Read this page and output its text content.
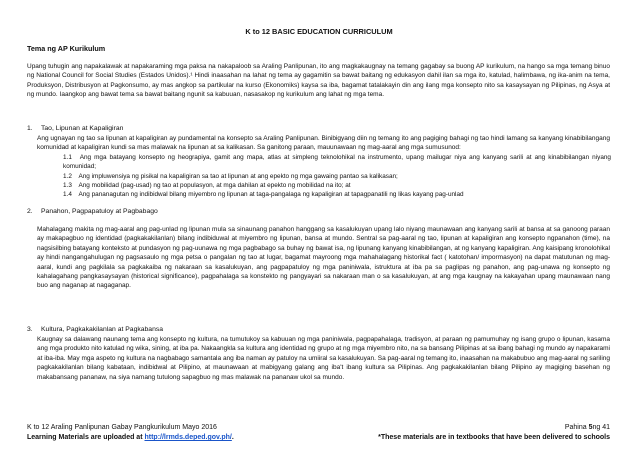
K to 12 BASIC EDUCATION CURRICULUM
Tema ng AP Kurikulum

Upang tuhugin ang napakalawak at napakaraming mga paksa na nakapaloob sa Araling Panlipunan, ito ang magkakaugnay na temang gagabay sa buong AP kurikulum, na hango sa mga temang binuo ng National Council for Social Studies (Estados Unidos).¹ Hindi inaasahan na lahat ng tema ay gagamitin sa bawat baitang ng edukasyon dahil ilan sa mga ito, katulad, halimbawa, ng ika-anim na tema, Produksyon, Distribusyon at Pagkonsumo, ay mas angkop sa partikular na kurso (Ekonomiks) kaysa sa iba, bagamat tatalakayin din ang ilang mga konsepto nito sa kasaysayan ng Pilipinas, ng Asya at ng mundo. Iaangkop ang bawat tema sa bawat baitang ngunit sa kabuuan, nasasakop ng kurikulum ang lahat ng mga tema.

1. Tao, Lipunan at Kapaligiran

Ang ugnayan ng tao sa lipunan at kapaligiran ay pundamental na konsepto sa Araling Panlipunan. Binibigyang diin ng temang ito ang pagiging bahagi ng tao hindi lamang sa kanyang kinabibilangang komunidad at kapaligiran kundi sa mas malawak na lipunan at sa kalikasan. Sa ganitong paraan, mauunawaan ng mag-aaral ang mga sumusunod:

1.1 Ang mga batayang konsepto ng heograpiya, gamit ang mapa, atlas at simpleng teknolohikal na instrumento, upang mailugar niya ang kanyang sarili at ang kinabibilangan niyang komunidad;

1.2 Ang impluwensiya ng pisikal na kapaligiran sa tao at lipunan at ang epekto ng mga gawaing pantao sa kalikasan;

1.3 Ang mobilidad (pag-usad) ng tao at populasyon, at mga dahilan at epekto ng mobilidad na ito; at

1.4 Ang pananagutan ng indibidwal bilang miyembro ng lipunan at taga-pangalaga ng kapaligiran at tapagpanatili ng likas kayang pag-unlad

2. Panahon, Pagpapatuloy at Pagbabago

Mahalagang makita ng mag-aaral ang pag-unlad ng lipunan mula sa sinaunang panahon hanggang sa kasalukuyan upang lalo niyang maunawaan ang kanyang sarili at bansa at sa ganoong paraan ay makapagbuo ng identidad (pagkakakilanlan) bilang indibiduwal at miyembro ng lipunan, bansa at mundo. Sentral sa pag-aaral ng tao, lipunan at kapaligiran ang konsepto ngpanahon (time), na nagsisilbing batayang konteksto at pundasyon ng pag-uunawa ng mga pagbabago sa buhay ng bawat isa, ng lipunang kanyang kinabibilangan, at ng kanyang kapaligiran. Ang kaisipang kronolohikal ay hindi nangangahulugan ng pagsasaulo ng mga petsa o pangalan ng tao at lugar, bagamat mayroong mga mahahalagang historikal fact ( katotohan/ impormasyon) na dapat matutunan ng mag-aaral, kundi ang pagkilala sa pagkakaiba ng nakaraan sa kasalukuyan, ang pagpapatuloy ng mga paniniwala, istruktura at iba pa sa paglipas ng panahon, ang pag-unawa ng konsepto ng kahalagahang pangkasaysayan (historical significance), pagpahalaga sa konstekto ng pangyayari sa nakaraan man o sa kasalukuyan, at ang mga kaugnay na kakayahan upang maunawaan nang buo ang naganap at nagaganap.

3. Kultura, Pagkakakilanlan at Pagkabansa

Kaugnay sa dalawang naunang tema ang konsepto ng kultura, na tumutukoy sa kabuuan ng mga paniniwala, pagpapahalaga, tradisyon, at paraan ng pamumuhay ng isang grupo o lipunan, kasama ang mga produkto nito katulad ng wika, sining, at iba pa. Nakaangkla sa kultura ang identidad ng grupo at ng mga miyembro nito, na sa bansang Pilipinas at sa ibang bahagi ng mundo ay napakarami at iba-iba. May mga aspeto ng kultura na nagbabago samantala ang iba naman ay patuloy na umiiral sa kasalukuyan. Sa pag-aaral ng temang ito, inaasahan na makabubuo ang mag-aaral ng sariling pagkakakilanlan bilang kabataan, indibidwal at Pilipino, at maunawaan at mabigyang galang ang iba't ibang kultura sa Pilipinas. Ang pagkakakilanlan bilang Pilipino ay magiging basehan ng makabansang pananaw, na siya namang tutulong sapagbuo ng mas malawak na pananaw ukol sa mundo.

K to 12 Araling Panlipunan Gabay Pangkurikulum Mayo 2016	Pahina 5ng 41
Learning Materials are uploaded at http://lrmds.deped.gov.ph/.	*These materials are in textbooks that have been delivered to schools
